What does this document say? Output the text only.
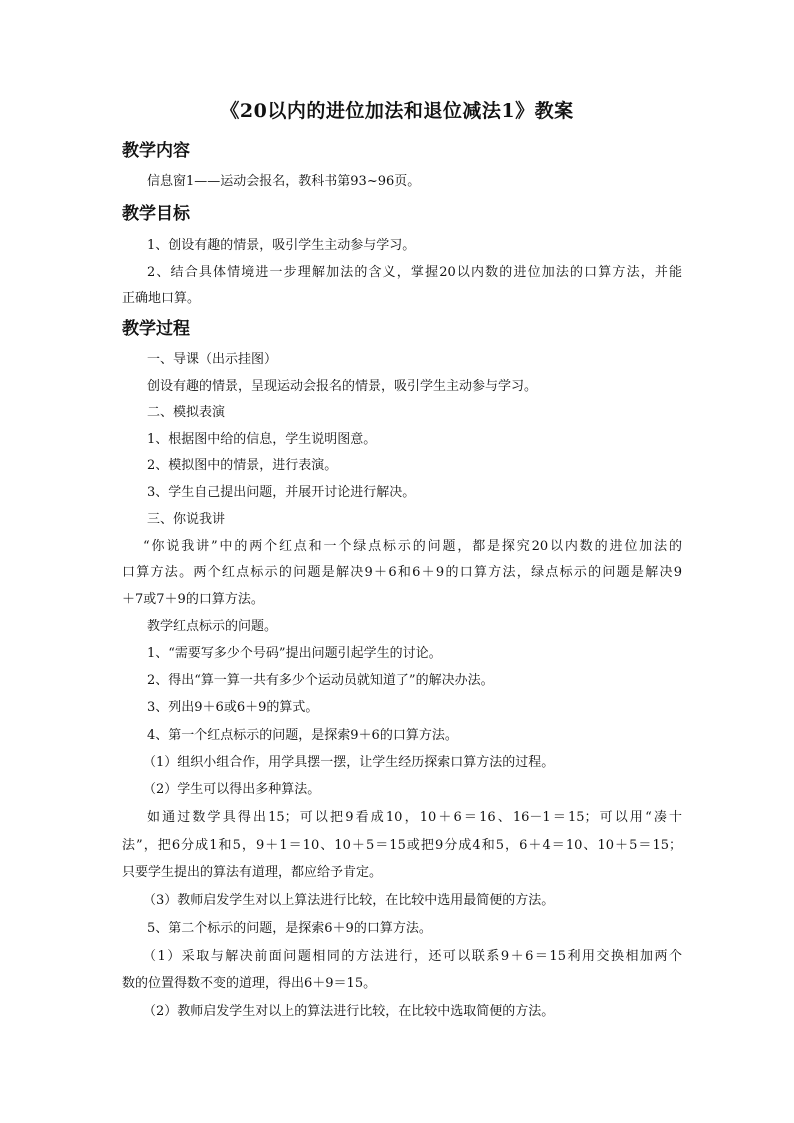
《20以内的进位加法和退位减法1》教案
教学内容
信息窗1——运动会报名，教科书第93~96页。
教学目标
1、创设有趣的情景，吸引学生主动参与学习。
2、结合具体情境进一步理解加法的含义，掌握20以内数的进位加法的口算方法，并能
正确地口算。
教学过程
一、导课（出示挂图）
创设有趣的情景，呈现运动会报名的情景，吸引学生主动参与学习。
二、模拟表演
1、根据图中给的信息，学生说明图意。
2、模拟图中的情景，进行表演。
3、学生自己提出问题，并展开讨论进行解决。
三、你说我讲
“你说我讲”中的两个红点和一个绿点标示的问题，都是探究20以内数的进位加法的
口算方法。两个红点标示的问题是解决9＋6和6＋9的口算方法，绿点标示的问题是解决9
＋7或7＋9的口算方法。
教学红点标示的问题。
1、“需要写多少个号码”提出问题引起学生的讨论。
2、得出“算一算一共有多少个运动员就知道了”的解决办法。
3、列出9＋6或6＋9的算式。
4、第一个红点标示的问题，是探索9＋6的口算方法。
（1）组织小组合作，用学具摆一摆，让学生经历探索口算方法的过程。
（2）学生可以得出多种算法。
如通过数学具得出15；可以把9看成10，10＋6＝16、16－1＝15；可以用“凑十
法”，把6分成1和5，9＋1＝10、10＋5＝15或把9分成4和5，6＋4＝10、10＋5＝15；
只要学生提出的算法有道理，都应给予肯定。
（3）教师启发学生对以上算法进行比较，在比较中选用最简便的方法。
5、第二个标示的问题，是探索6＋9的口算方法。
（1）采取与解决前面问题相同的方法进行，还可以联系9＋6＝15利用交换相加两个
数的位置得数不变的道理，得出6＋9＝15。
（2）教师启发学生对以上的算法进行比较，在比较中选取简便的方法。
